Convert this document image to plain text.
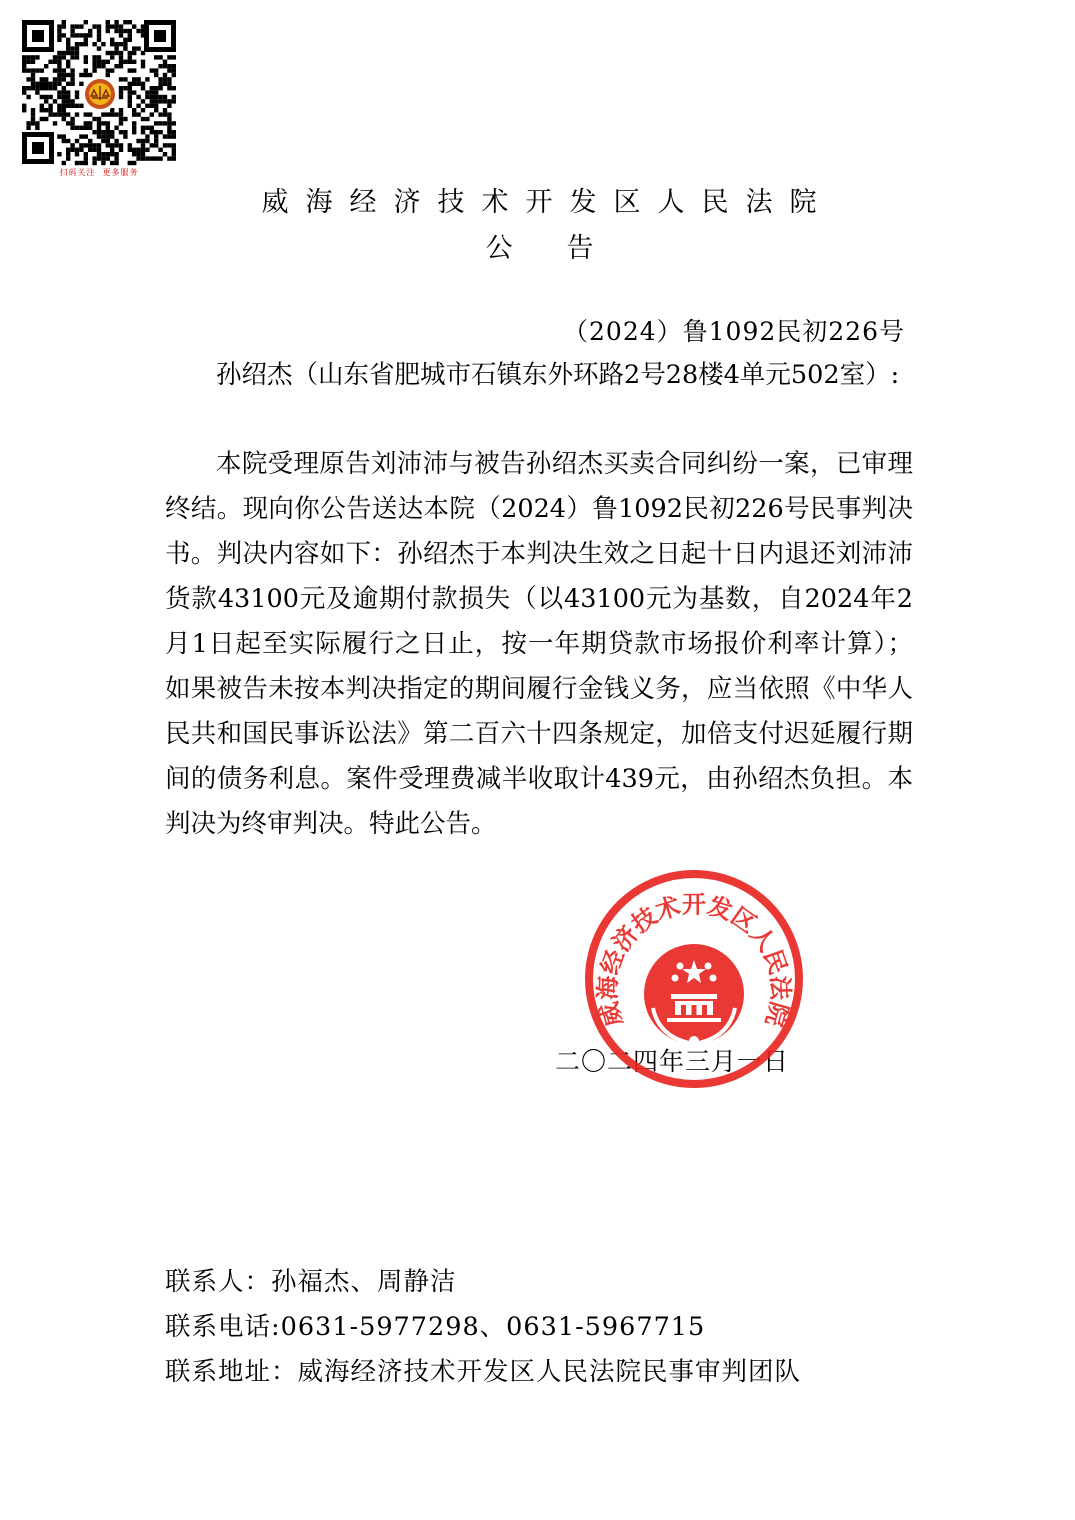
扫码关注  更多服务
威海经济技术开发区人民法院
公告
（2024）鲁1092民初226号

孙绍杰（山东省肥城市石镇东外环路2号28楼4单元502室）:

本院受理原告刘沛沛与被告孙绍杰买卖合同纠纷一案，已审理终结。现向你公告送达本院（2024）鲁1092民初226号民事判决书。判决内容如下：孙绍杰于本判决生效之日起十日内退还刘沛沛货款43100元及逾期付款损失（以43100元为基数，自2024年2月1日起至实际履行之日止，按一年期贷款市场报价利率计算）； 如果被告未按本判决指定的期间履行金钱义务，应当依照《中华人民共和国民事诉讼法》第二百六十四条规定，加倍支付迟延履行期间的债务利息。案件受理费减半收取计439元，由孙绍杰负担。本判决为终审判决。特此公告。

二〇二四年三月一日
威海经济技术开发区人民法院
联系人：孙福杰、周静洁
联系电话:0631-5977298、0631-5967715
联系地址：威海经济技术开发区人民法院民事审判团队
